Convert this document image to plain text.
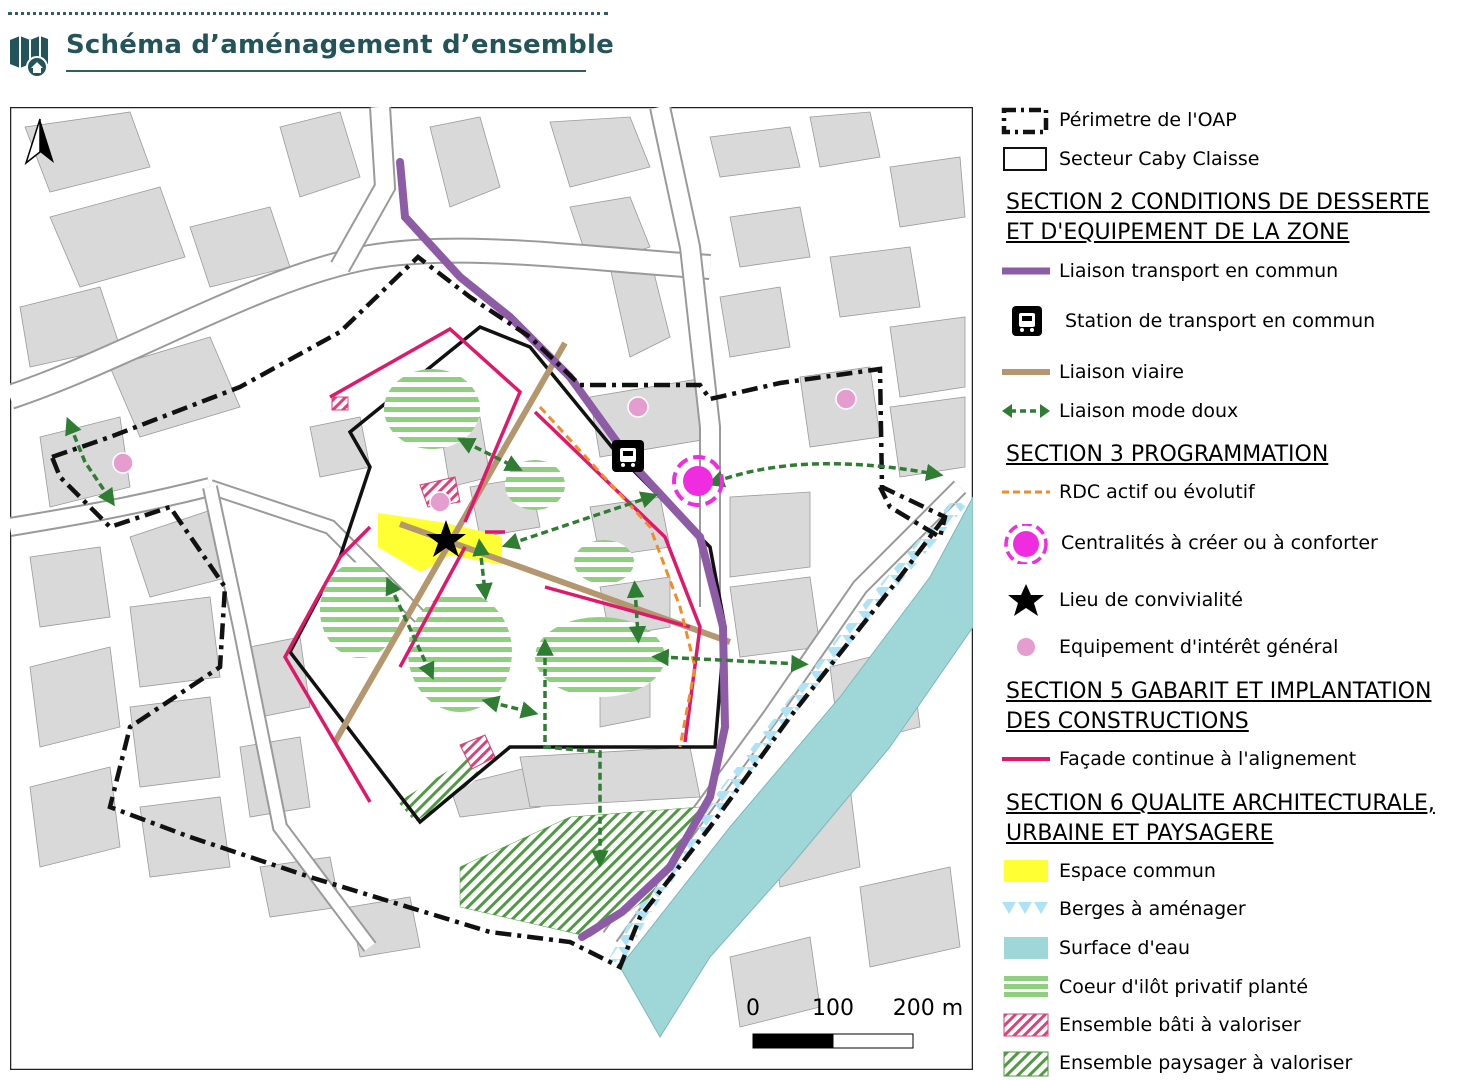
Schéma d’aménagement d’ensemble
0 100 200 m
Périmetre de l'OAP
Secteur Caby Claisse
SECTION 2 CONDITIONS DE DESSERTE
ET D'EQUIPEMENT DE LA ZONE
Liaison transport en commun
Station de transport en commun
Liaison viaire
Liaison mode doux
SECTION 3 PROGRAMMATION
RDC actif ou évolutif
Centralités à créer ou à conforter
Lieu de convivialité
Equipement d'intérêt général
SECTION 5 GABARIT ET IMPLANTATION
DES CONSTRUCTIONS
Façade continue à l'alignement
SECTION 6 QUALITE ARCHITECTURALE,
URBAINE ET PAYSAGERE
Espace commun
Berges à aménager
Surface d'eau
Coeur d'ilôt privatif planté
Ensemble bâti à valoriser
Ensemble paysager à valoriser
